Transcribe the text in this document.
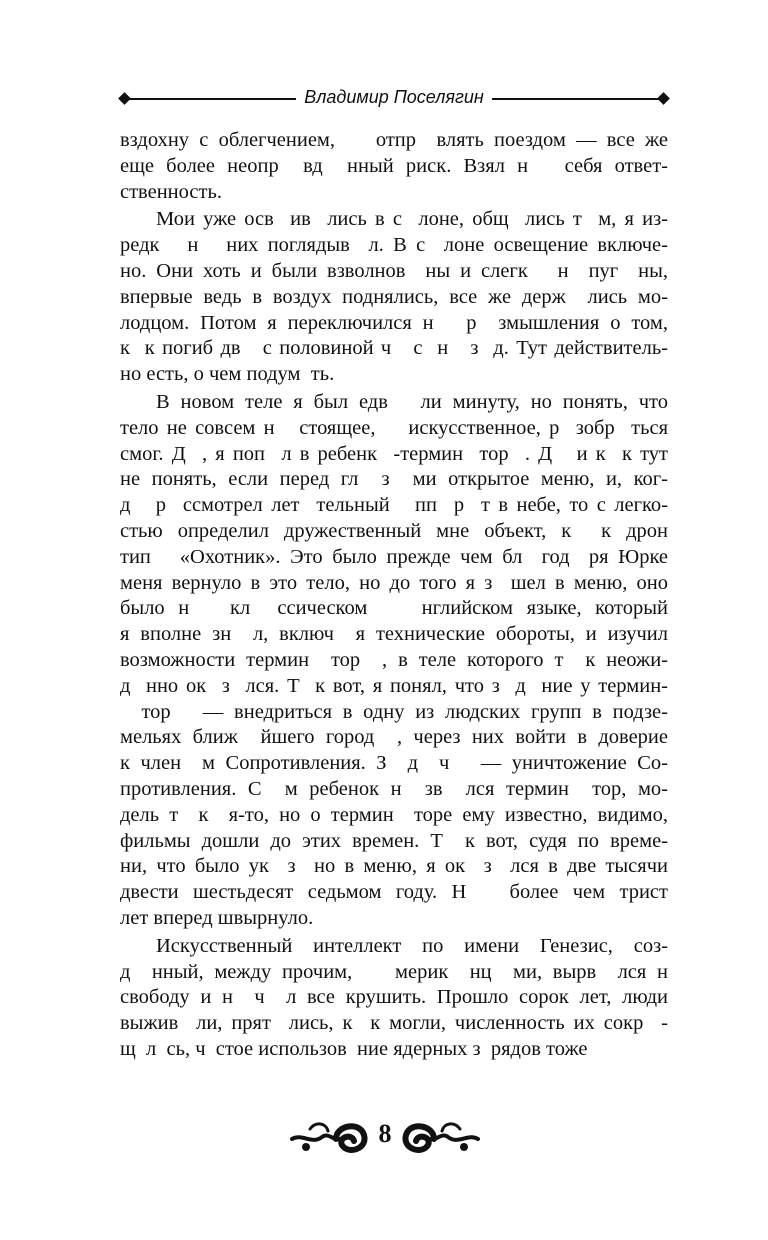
Владимир Поселягин
вздохну с облегчением,    отпр  влять поездом — все же
еще более неопр  вд  нный риск. Взял н   себя ответ-
ственность.
Мои уже осв  ив  лись в с  лоне, общ  лись т  м, я из-
редк   н   них поглядыв  л. В с  лоне освещение включе-
но. Они хоть и были взволнов  ны и слегк   н  пуг  ны,
впервые ведь в воздух поднялись, все же держ  лись мо-
лодцом. Потом я переключился н   р  змышления о том,
к  к погиб дв   с половиной ч   с  н   з  д. Тут действитель-
но есть, о чем подум  ть.
В новом теле я был едв   ли минуту, но понять, что
тело не совсем н   стоящее,    искусственное, р  зобр  ться
смог. Д  , я поп  л в ребенк  -термин  тор  . Д   и к  к тут
не понять, если перед гл  з  ми открытое меню, и, ког-
д   р  ссмотрел лет  тельный   пп  р  т в небе, то с легко-
стью определил дружественный мне объект, к  к дрон
тип   «Охотник». Это было прежде чем бл  год  ря Юрке
меня вернуло в это тело, но до того я з  шел в меню, оно
было н   кл  ссическом    нглийском языке, который
я вполне зн  л, включ  я технические обороты, и изучил
возможности термин  тор  , в теле которого т  к неожи-
д  нно ок  з  лся. Т  к вот, я понял, что з  д  ние у термин-
тор   — внедриться в одну из людских групп в подзе-
мельях ближ  йшего город  , через них войти в доверие
к член  м Сопротивления. З  д  ч   — уничтожение Со-
противления. С  м ребенок н  зв  лся термин  тор, мо-
дель т  к  я-то, но о термин  торе ему известно, видимо,
фильмы дошли до этих времен. Т  к вот, судя по време-
ни, что было ук  з  но в меню, я ок  з  лся в две тысячи
двести шестьдесят седьмом году. Н   более чем трист
лет вперед швырнуло.
Искусственный интеллект по имени Генезис, соз-
д  нный, между прочим,    мерик  нц  ми, вырв  лся н
свободу и н  ч  л все крушить. Прошло сорок лет, люди
выжив  ли, прят  лись, к  к могли, численность их сокр  -
щ  л  сь, ч  стое использов  ние ядерных з  рядов тоже
8
